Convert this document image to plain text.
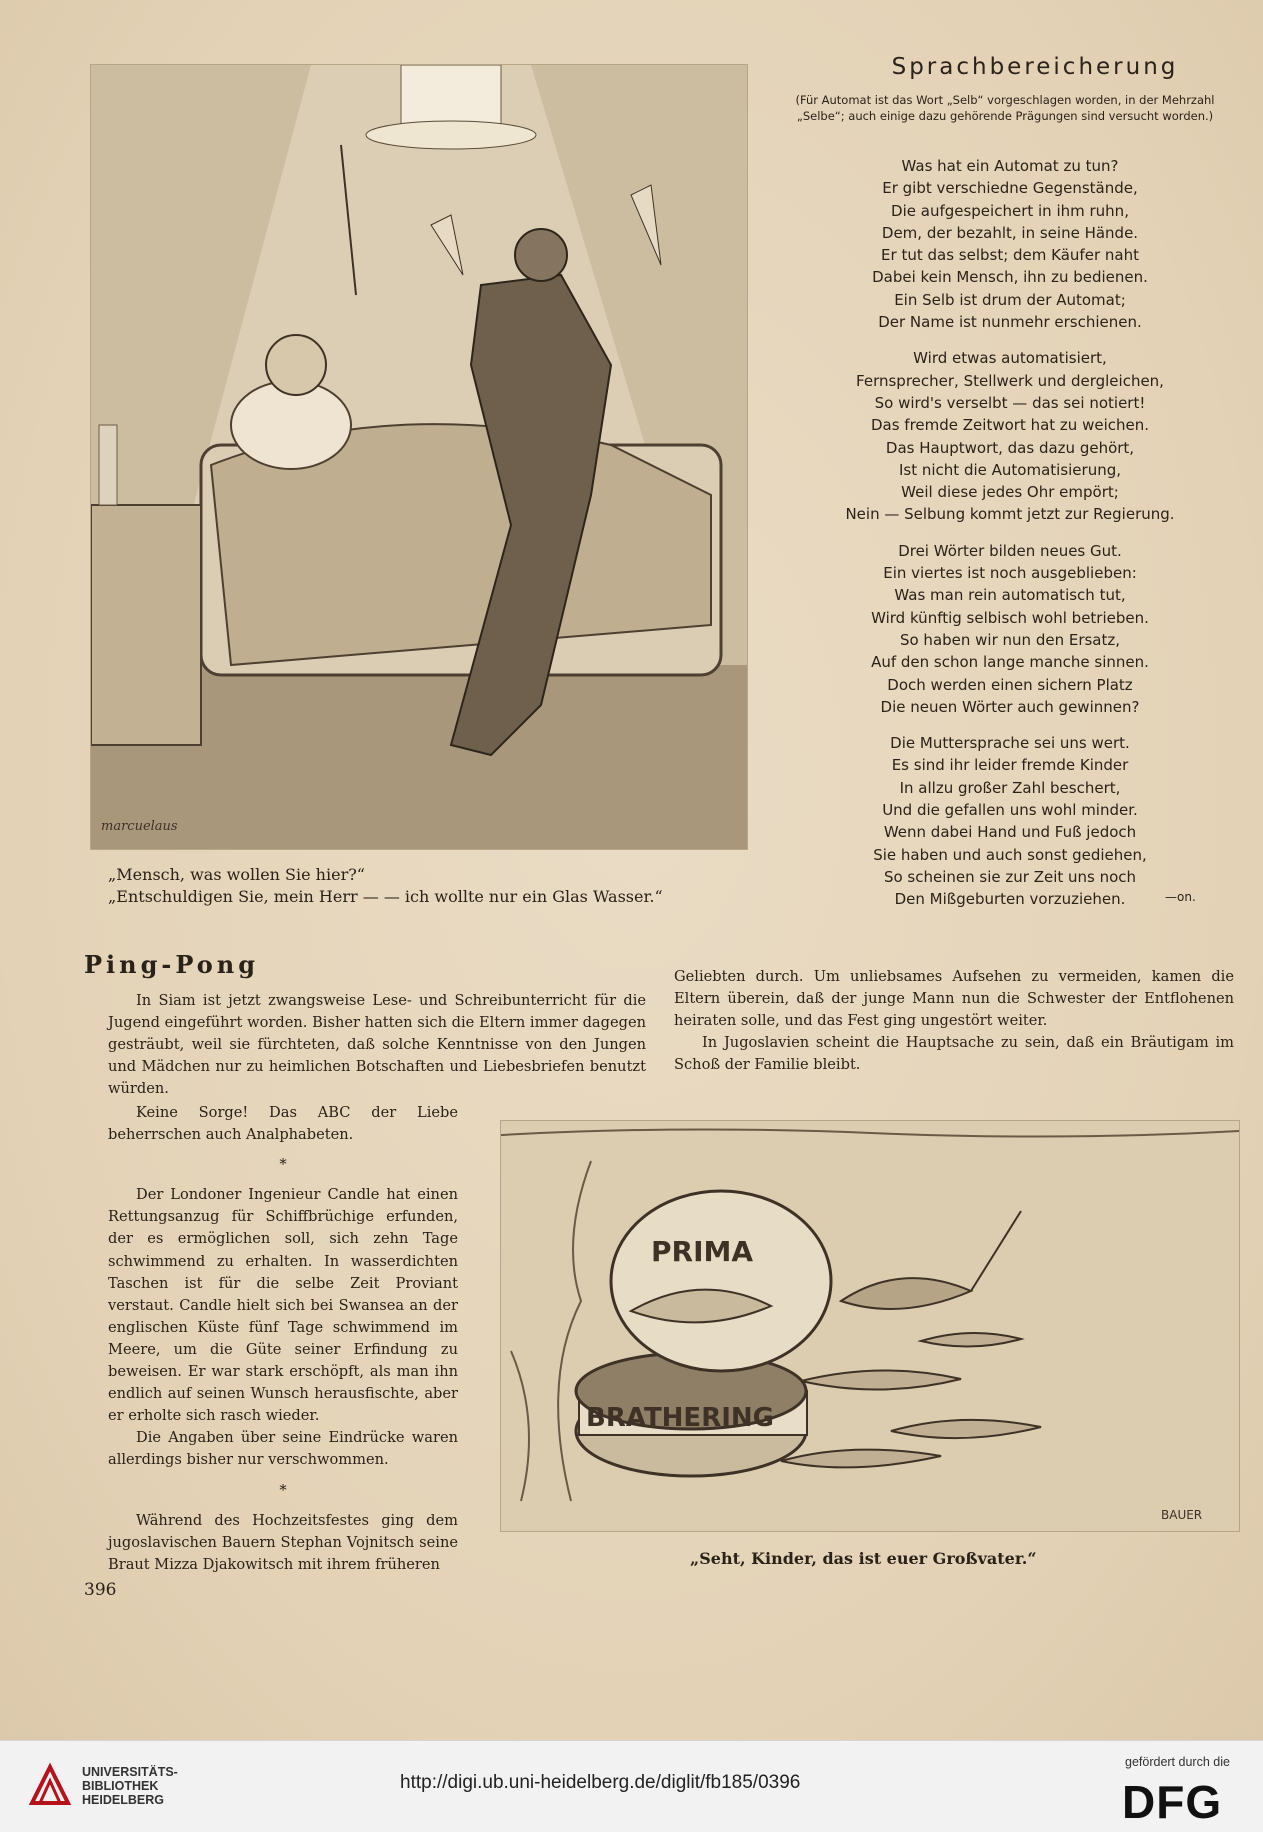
marcuelaus
„Mensch, was wollen Sie hier?“
„Entschuldigen Sie, mein Herr — — ich wollte nur ein Glas Wasser.“
Sprachbereicherung
(Für Automat ist das Wort „Selb“ vorgeschlagen worden, in der Mehrzahl „Selbe“; auch einige dazu gehörende Prägungen sind versucht worden.)
Was hat ein Automat zu tun?
Er gibt verschiedne Gegenstände,
Die aufgespeichert in ihm ruhn,
Dem, der bezahlt, in seine Hände.
Er tut das selbst; dem Käufer naht
Dabei kein Mensch, ihn zu bedienen.
Ein Selb ist drum der Automat;
Der Name ist nunmehr erschienen.
Wird etwas automatisiert,
Fernsprecher, Stellwerk und dergleichen,
So wird's verselbt — das sei notiert!
Das fremde Zeitwort hat zu weichen.
Das Hauptwort, das dazu gehört,
Ist nicht die Automatisierung,
Weil diese jedes Ohr empört;
Nein — Selbung kommt jetzt zur Regierung.
Drei Wörter bilden neues Gut.
Ein viertes ist noch ausgeblieben:
Was man rein automatisch tut,
Wird künftig selbisch wohl betrieben.
So haben wir nun den Ersatz,
Auf den schon lange manche sinnen.
Doch werden einen sichern Platz
Die neuen Wörter auch gewinnen?
Die Muttersprache sei uns wert.
Es sind ihr leider fremde Kinder
In allzu großer Zahl beschert,
Und die gefallen uns wohl minder.
Wenn dabei Hand und Fuß jedoch
Sie haben und auch sonst gediehen,
So scheinen sie zur Zeit uns noch
Den Mißgeburten vorzuziehen.	—on.
Ping-Pong

In Siam ist jetzt zwangsweise Lese- und Schreibunterricht für die Jugend eingeführt worden. Bisher hatten sich die Eltern immer dagegen gesträubt, weil sie fürchteten, daß solche Kenntnisse von den Jungen und Mädchen nur zu heimlichen Botschaften und Liebesbriefen benutzt würden.

Keine Sorge! Das ABC der Liebe beherrschen auch Analphabeten.

*

Der Londoner Ingenieur Candle hat einen Rettungsanzug für Schiffbrüchige erfunden, der es ermöglichen soll, sich zehn Tage schwimmend zu erhalten. In wasserdichten Taschen ist für die selbe Zeit Proviant verstaut. Candle hielt sich bei Swansea an der englischen Küste fünf Tage schwimmend im Meere, um die Güte seiner Erfindung zu beweisen. Er war stark erschöpft, als man ihn endlich auf seinen Wunsch herausfischte, aber er erholte sich rasch wieder.

Die Angaben über seine Eindrücke waren allerdings bisher nur verschwommen.

*

Während des Hochzeitsfestes ging dem jugoslavischen Bauern Stephan Vojnitsch seine Braut Mizza Djakowitsch mit ihrem früheren

Geliebten durch. Um unliebsames Aufsehen zu vermeiden, kamen die Eltern überein, daß der junge Mann nun die Schwester der Entflohenen heiraten solle, und das Fest ging ungestört weiter.

In Jugoslavien scheint die Hauptsache zu sein, daß ein Bräutigam im Schoß der Familie bleibt.

BRATHERING
PRIMA
BAUER
„Seht, Kinder, das ist euer Großvater.“
396
UNIVERSITÄTS-
BIBLIOTHEK
HEIDELBERG
http://digi.ub.uni-heidelberg.de/diglit/fb185/0396
gefördert durch die
DFG
